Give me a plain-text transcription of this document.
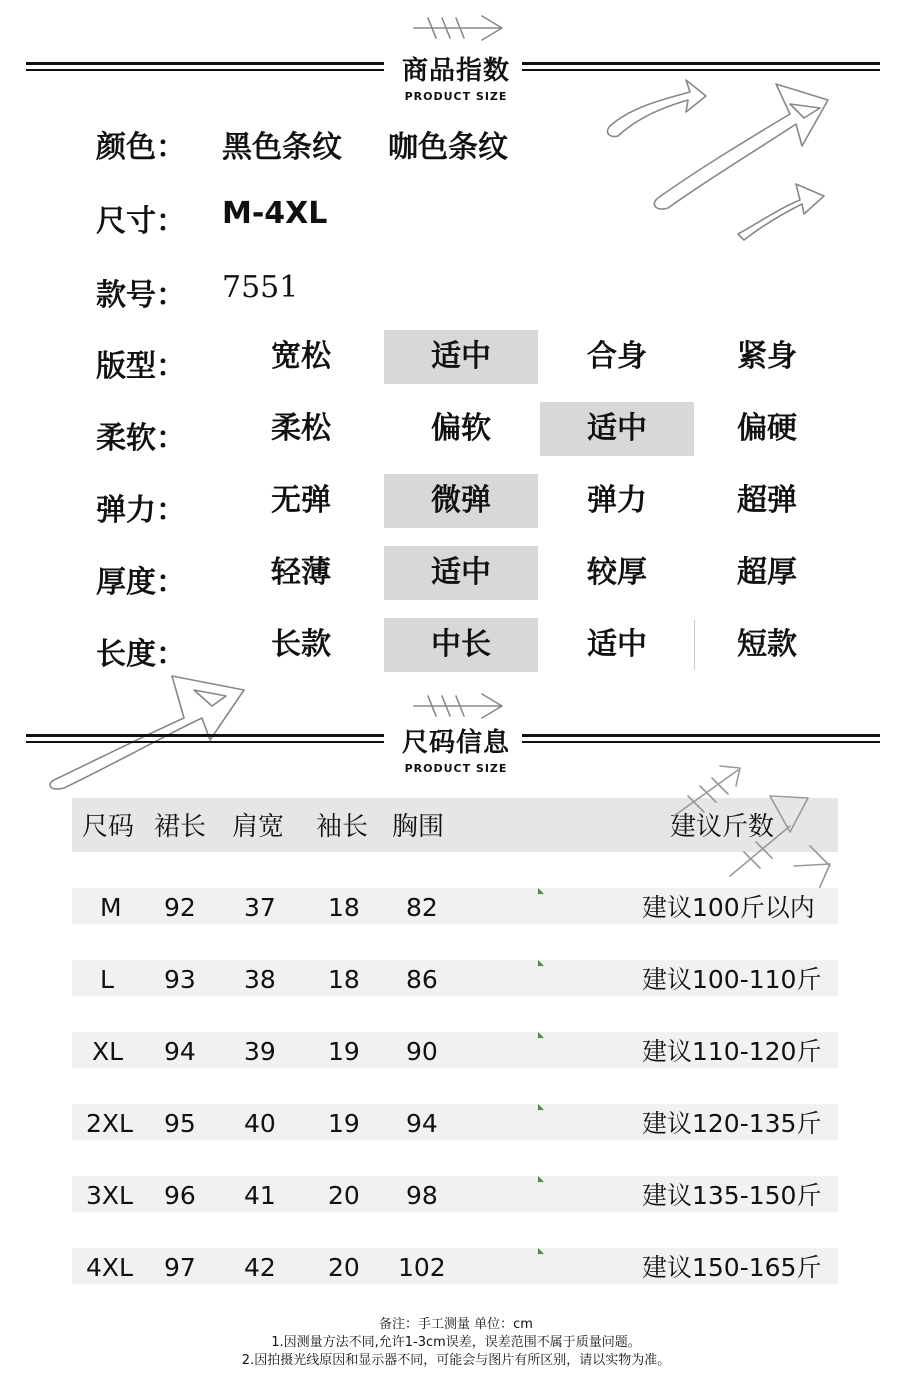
商品指数
PRODUCT SIZE
颜色： 黑色条纹 咖色条纹
尺寸： M-4XL
款号： 7551
版型：	宽松	适中	合身	紧身
柔软：	柔松	偏软	适中	偏硬
弹力：	无弹	微弹	弹力	超弹
厚度：	轻薄	适中	较厚	超厚
长度：	长款	中长	适中	短款
尺码信息
PRODUCT SIZE
尺码 裙长 肩宽 袖长 胸围	建议斤数
M 92 37 18 82	建议100斤以内
L 93 38 18 86	建议100-110斤
XL 94 39 19 90	建议110-120斤
2XL 95 40 19 94	建议120-135斤
3XL 96 41 20 98	建议135-150斤
4XL 97 42 20 102	建议150-165斤
备注：手工测量 单位：cm
1.因测量方法不同,允许1-3cm误差，误差范围不属于质量问题。
2.因拍摄光线原因和显示器不同，可能会与图片有所区别，请以实物为准。
